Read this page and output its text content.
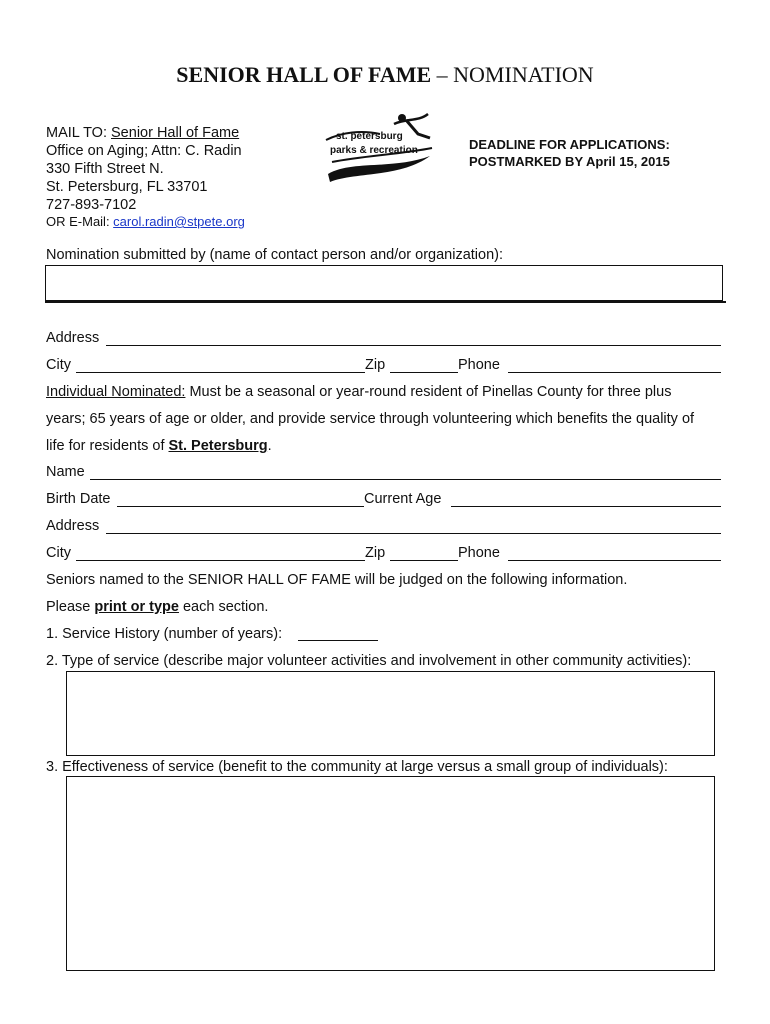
SENIOR HALL OF FAME – NOMINATION
MAIL TO: Senior Hall of Fame
Office on Aging; Attn: C. Radin
330 Fifth Street N.
St. Petersburg, FL 33701
727-893-7102
OR E-Mail: carol.radin@stpete.org
st. petersburg
parks & recreation	DEADLINE FOR APPLICATIONS:
POSTMARKED BY April 15, 2015
Nomination submitted by (name of contact person and/or organization):
Address
City	Zip	Phone
Individual Nominated: Must be a seasonal or year-round resident of Pinellas County for three plus
years; 65 years of age or older, and provide service through volunteering which benefits the quality of
life for residents of St. Petersburg.
Name
Birth Date	Current Age
Address
City	Zip	Phone
Seniors named to the SENIOR HALL OF FAME will be judged on the following information.
Please print or type each section.
1. Service History (number of years):
2. Type of service (describe major volunteer activities and involvement in other community activities):
3. Effectiveness of service (benefit to the community at large versus a small group of individuals):
